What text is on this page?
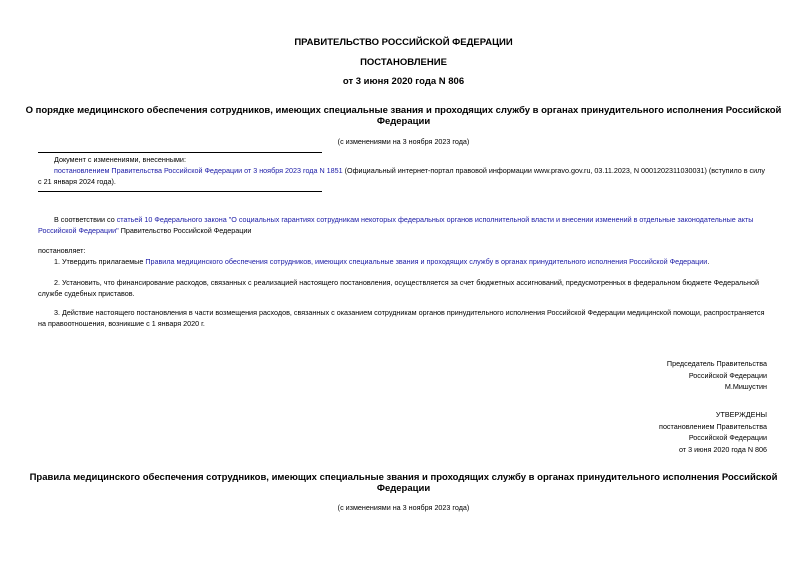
ПРАВИТЕЛЬСТВО РОССИЙСКОЙ ФЕДЕРАЦИИ
ПОСТАНОВЛЕНИЕ
от 3 июня 2020 года N 806
О порядке медицинского обеспечения сотрудников, имеющих специальные звания и проходящих службу в органах принудительного исполнения Российской
Федерации
(с изменениями на 3 ноября 2023 года)
Документ с изменениями, внесенными:
постановлением Правительства Российской Федерации от 3 ноября 2023 года N 1851 (Официальный интернет-портал правовой информации www.pravo.gov.ru, 03.11.2023, N 0001202311030031) (вступило в силу
с 21 января 2024 года).
В соответствии со статьей 10 Федерального закона "О социальных гарантиях сотрудникам некоторых федеральных органов исполнительной власти и внесении изменений в отдельные законодательные акты
Российской Федерации" Правительство Российской Федерации
постановляет:
1. Утвердить прилагаемые Правила медицинского обеспечения сотрудников, имеющих специальные звания и проходящих службу в органах принудительного исполнения Российской Федерации.
2. Установить, что финансирование расходов, связанных с реализацией настоящего постановления, осуществляется за счет бюджетных ассигнований, предусмотренных в федеральном бюджете Федеральной
службе судебных приставов.
3. Действие настоящего постановления в части возмещения расходов, связанных с оказанием сотрудникам органов принудительного исполнения Российской Федерации медицинской помощи, распространяется
на правоотношения, возникшие с 1 января 2020 г.
Председатель Правительства
Российской Федерации
М.Мишустин
УТВЕРЖДЕНЫ
постановлением Правительства
Российской Федерации
от 3 июня 2020 года N 806
Правила медицинского обеспечения сотрудников, имеющих специальные звания и проходящих службу в органах принудительного исполнения Российской
Федерации
(с изменениями на 3 ноября 2023 года)
